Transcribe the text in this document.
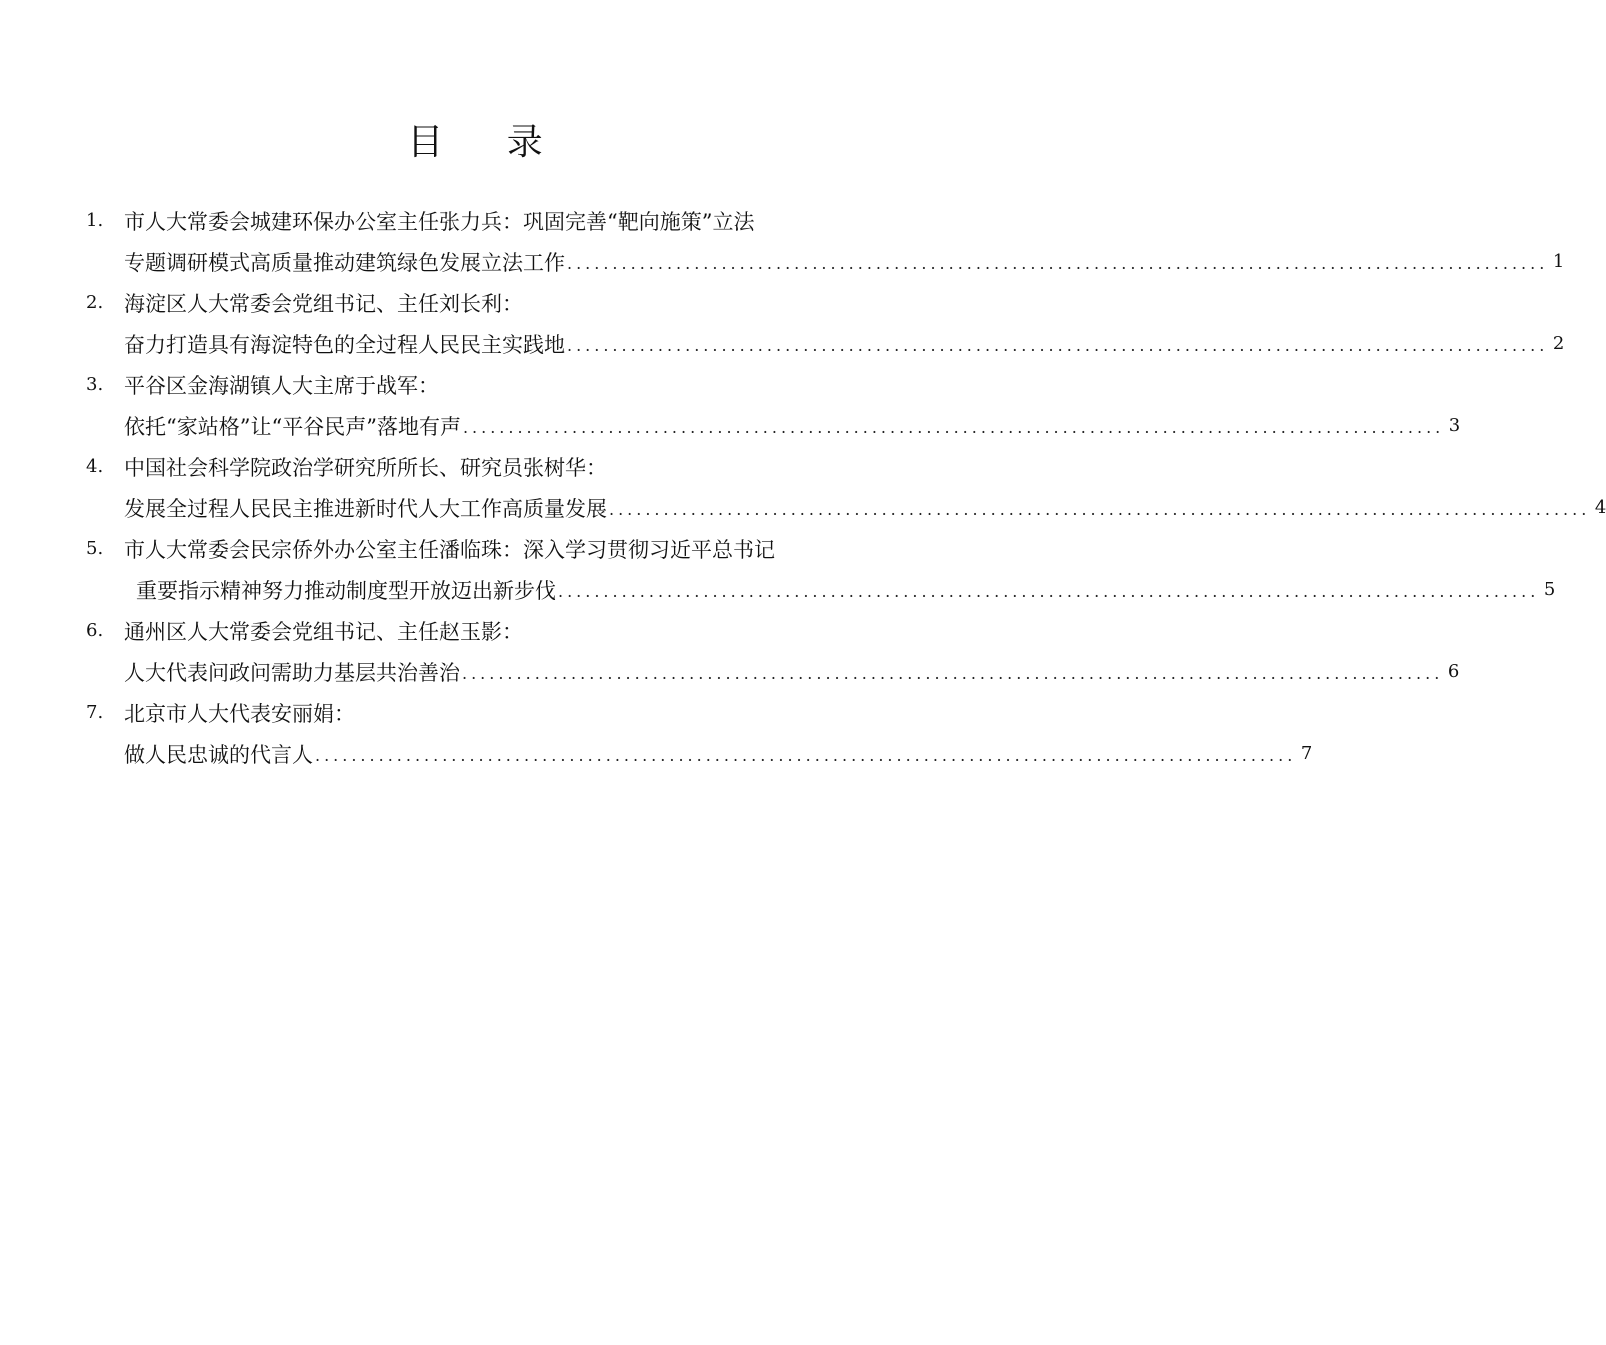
目 录
1. 市人大常委会城建环保办公室主任张力兵：巩固完善“靶向施策”立法
专题调研模式高质量推动建筑绿色发展立法工作 ............................................................................................................ 1
2. 海淀区人大常委会党组书记、主任刘长利：
奋力打造具有海淀特色的全过程人民民主实践地 ............................................................................................................ 2
3. 平谷区金海湖镇人大主席于战军：
依托“家站格”让“平谷民声”落地有声 ............................................................................................................ 3
4. 中国社会科学院政治学研究所所长、研究员张树华：
发展全过程人民民主推进新时代人大工作高质量发展 ............................................................................................................ 4
5. 市人大常委会民宗侨外办公室主任潘临珠：深入学习贯彻习近平总书记
重要指示精神努力推动制度型开放迈出新步伐 ............................................................................................................ 5
6. 通州区人大常委会党组书记、主任赵玉影：
人大代表问政问需助力基层共治善治 ............................................................................................................ 6
7. 北京市人大代表安丽娟：
做人民忠诚的代言人 ............................................................................................................ 7
